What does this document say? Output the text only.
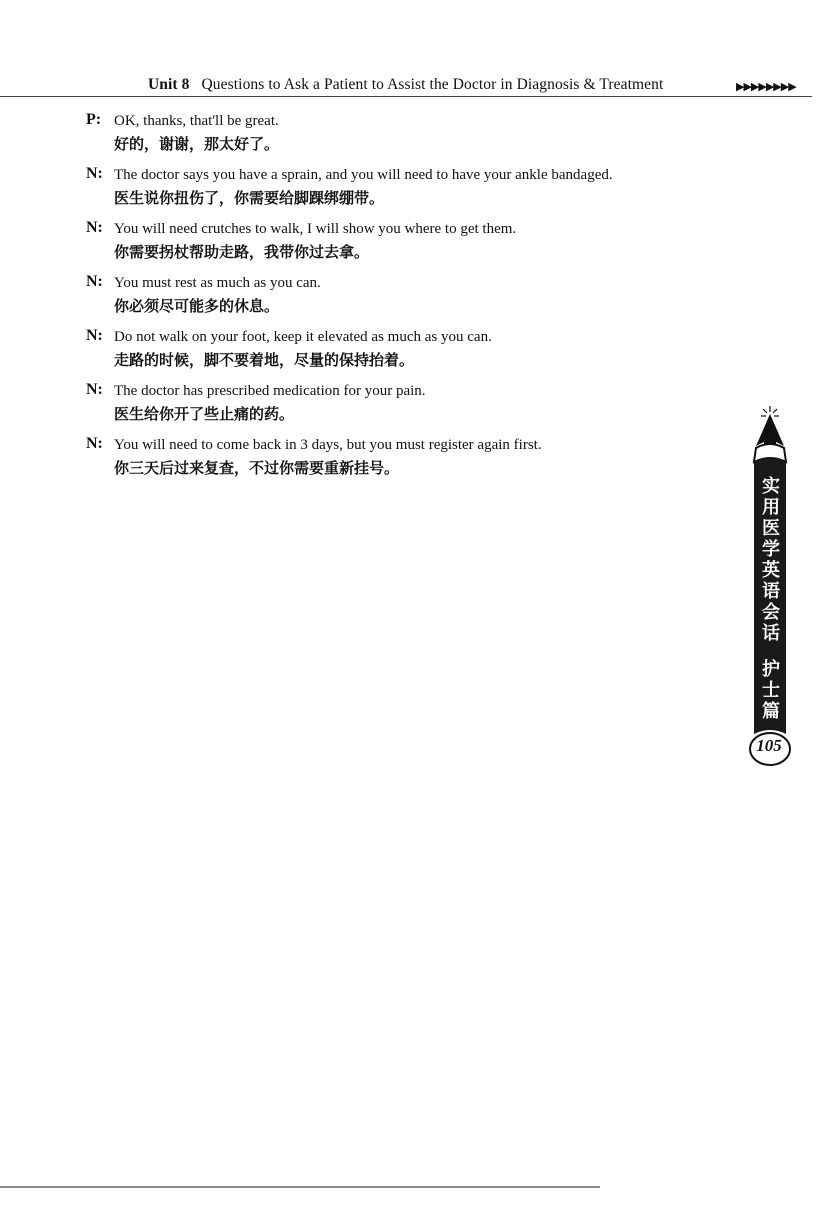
Unit 8 Questions to Ask a Patient to Assist the Doctor in Diagnosis & Treatment	▶▶▶▶▶▶▶▶
P: OK, thanks, that'll be great.
好的，谢谢，那太好了。
N: The doctor says you have a sprain, and you will need to have your ankle bandaged.
医生说你扭伤了，你需要给脚踝绑绷带。
N: You will need crutches to walk, I will show you where to get them.
你需要拐杖帮助走路，我带你过去拿。
N: You must rest as much as you can.
你必须尽可能多的休息。
N: Do not walk on your foot, keep it elevated as much as you can.
走路的时候，脚不要着地，尽量的保持抬着。
N: The doctor has prescribed medication for your pain.
医生给你开了些止痛的药。
N: You will need to come back in 3 days, but you must register again first.
你三天后过来复查，不过你需要重新挂号。
实
用
医
学
英
语
会
话
护
士
篇
105
